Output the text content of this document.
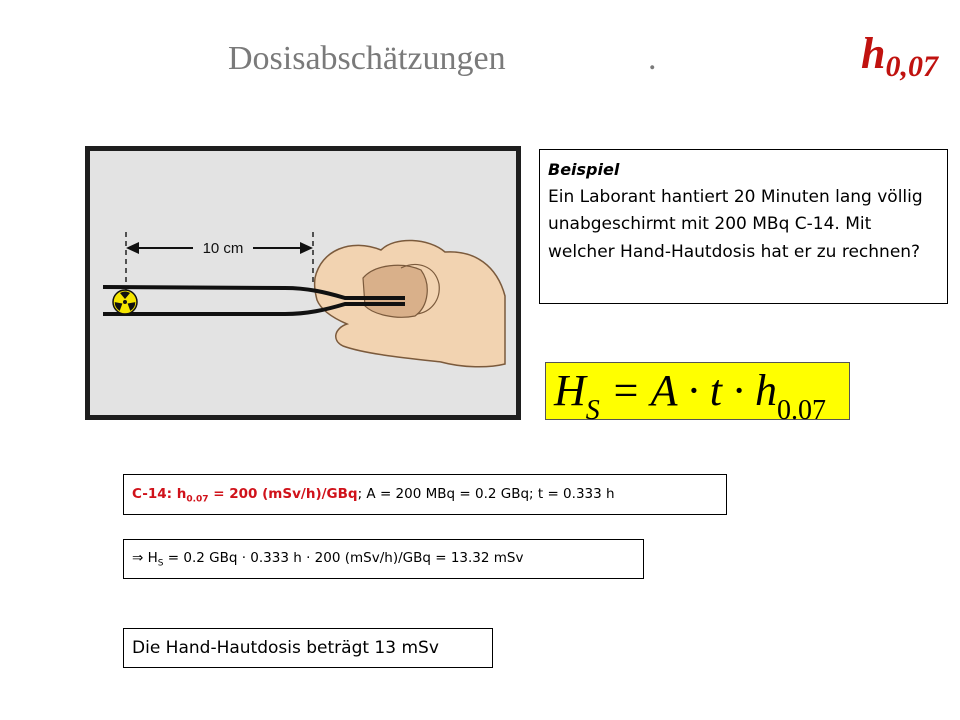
Dosisabschätzungen	.	h0,07
10 cm
Beispiel
Ein Laborant hantiert 20 Minuten lang völlig unabgeschirmt mit 200 MBq C-14. Mit welcher Hand-Hautdosis hat er zu rechnen?
$H_S = A \cdot t \cdot h_{0.07}$
C-14: $h_{0.07} = 200$ (mSv/h)/GBq; A = 200 MBq = 0.2 GBq; t = 0.333 h
⇒ $H_S = 0.2$ GBq · 0.333 h · 200 (mSv/h)/GBq = 13.32 mSv
Die Hand-Hautdosis beträgt 13 mSv
